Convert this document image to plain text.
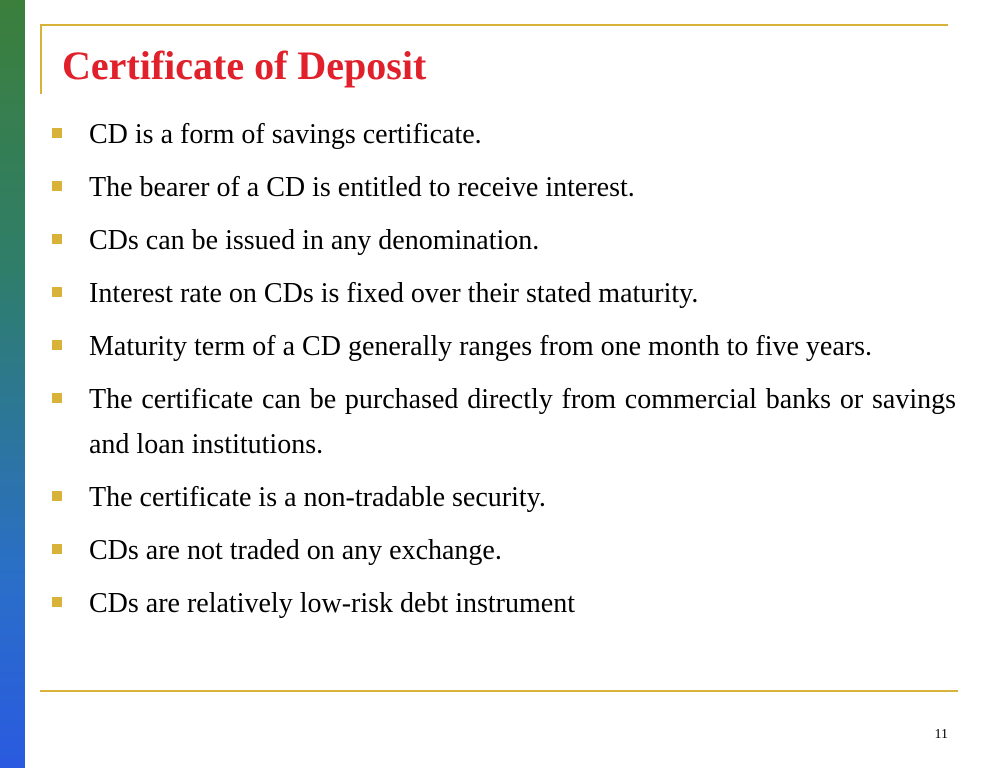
Certificate of Deposit
CD is a form of savings certificate.
The bearer of a CD is entitled to receive interest.
CDs can be issued in any denomination.
Interest rate on CDs is fixed over their stated maturity.
Maturity term of a CD generally ranges from one month to five years.
The certificate can be purchased directly from commercial banks or savings and loan institutions.
The certificate is a non-tradable security.
CDs are not traded on any exchange.
CDs are relatively low-risk debt instrument
11
